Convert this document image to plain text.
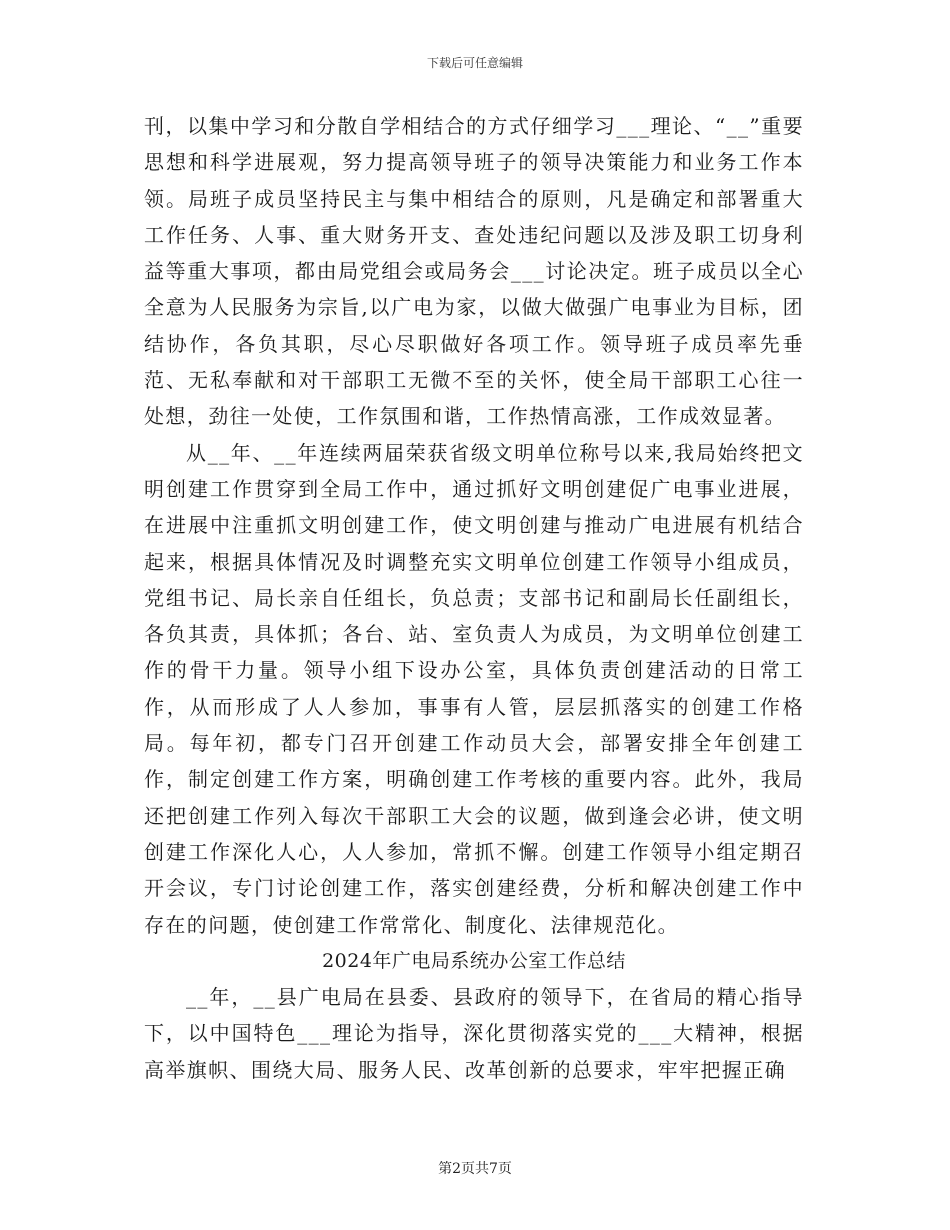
下载后可任意编辑

刊，以集中学习和分散自学相结合的方式仔细学习___理论、“__”重要思想和科学进展观，努力提高领导班子的领导决策能力和业务工作本领。局班子成员坚持民主与集中相结合的原则，凡是确定和部署重大工作任务、人事、重大财务开支、查处违纪问题以及涉及职工切身利益等重大事项，都由局党组会或局务会___讨论决定。班子成员以全心全意为人民服务为宗旨,以广电为家，以做大做强广电事业为目标，团结协作，各负其职，尽心尽职做好各项工作。领导班子成员率先垂范、无私奉献和对干部职工无微不至的关怀，使全局干部职工心往一处想，劲往一处使，工作氛围和谐，工作热情高涨，工作成效显著。

从__年、__年连续两届荣获省级文明单位称号以来,我局始终把文明创建工作贯穿到全局工作中，通过抓好文明创建促广电事业进展，在进展中注重抓文明创建工作，使文明创建与推动广电进展有机结合起来，根据具体情况及时调整充实文明单位创建工作领导小组成员，党组书记、局长亲自任组长，负总责；支部书记和副局长任副组长，各负其责，具体抓；各台、站、室负责人为成员，为文明单位创建工作的骨干力量。领导小组下设办公室，具体负责创建活动的日常工作，从而形成了人人参加，事事有人管，层层抓落实的创建工作格局。每年初，都专门召开创建工作动员大会，部署安排全年创建工作，制定创建工作方案，明确创建工作考核的重要内容。此外，我局还把创建工作列入每次干部职工大会的议题，做到逢会必讲，使文明创建工作深化人心，人人参加，常抓不懈。创建工作领导小组定期召开会议，专门讨论创建工作，落实创建经费，分析和解决创建工作中存在的问题，使创建工作常常化、制度化、法律规范化。

2024年广电局系统办公室工作总结

__年，__县广电局在县委、县政府的领导下，在省局的精心指导下，以中国特色___理论为指导，深化贯彻落实党的___大精神，根据高举旗帜、围绕大局、服务人民、改革创新的总要求，牢牢把握正确

第2页共7页
